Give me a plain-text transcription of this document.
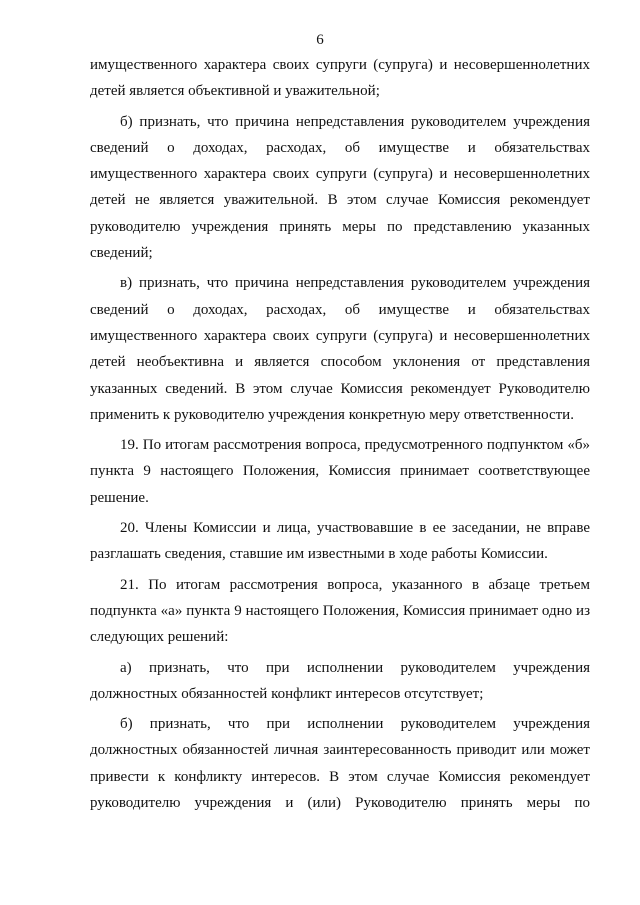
6

имущественного характера своих супруги (супруга) и несовершеннолетних детей является объективной и уважительной;

б) признать, что причина непредставления руководителем учреждения сведений о доходах, расходах, об имуществе и обязательствах имущественного характера своих супруги (супруга) и несовершеннолетних детей не является уважительной. В этом случае Комиссия рекомендует руководителю учреждения принять меры по представлению указанных сведений;

в) признать, что причина непредставления руководителем учреждения сведений о доходах, расходах, об имуществе и обязательствах имущественного характера своих супруги (супруга) и несовершеннолетних детей необъективна и является способом уклонения от представления указанных сведений. В этом случае Комиссия рекомендует Руководителю применить к руководителю учреждения конкретную меру ответственности.

19. По итогам рассмотрения вопроса, предусмотренного подпунктом «б» пункта 9 настоящего Положения, Комиссия принимает соответствующее решение.

20. Члены Комиссии и лица, участвовавшие в ее заседании, не вправе разглашать сведения, ставшие им известными в ходе работы Комиссии.

21. По итогам рассмотрения вопроса, указанного в абзаце третьем подпункта «а» пункта 9 настоящего Положения, Комиссия принимает одно из следующих решений:

а) признать, что при исполнении руководителем учреждения должностных обязанностей конфликт интересов отсутствует;

б) признать, что при исполнении руководителем учреждения должностных обязанностей личная заинтересованность приводит или может привести к конфликту интересов. В этом случае Комиссия рекомендует руководителю учреждения и (или) Руководителю принять меры по
